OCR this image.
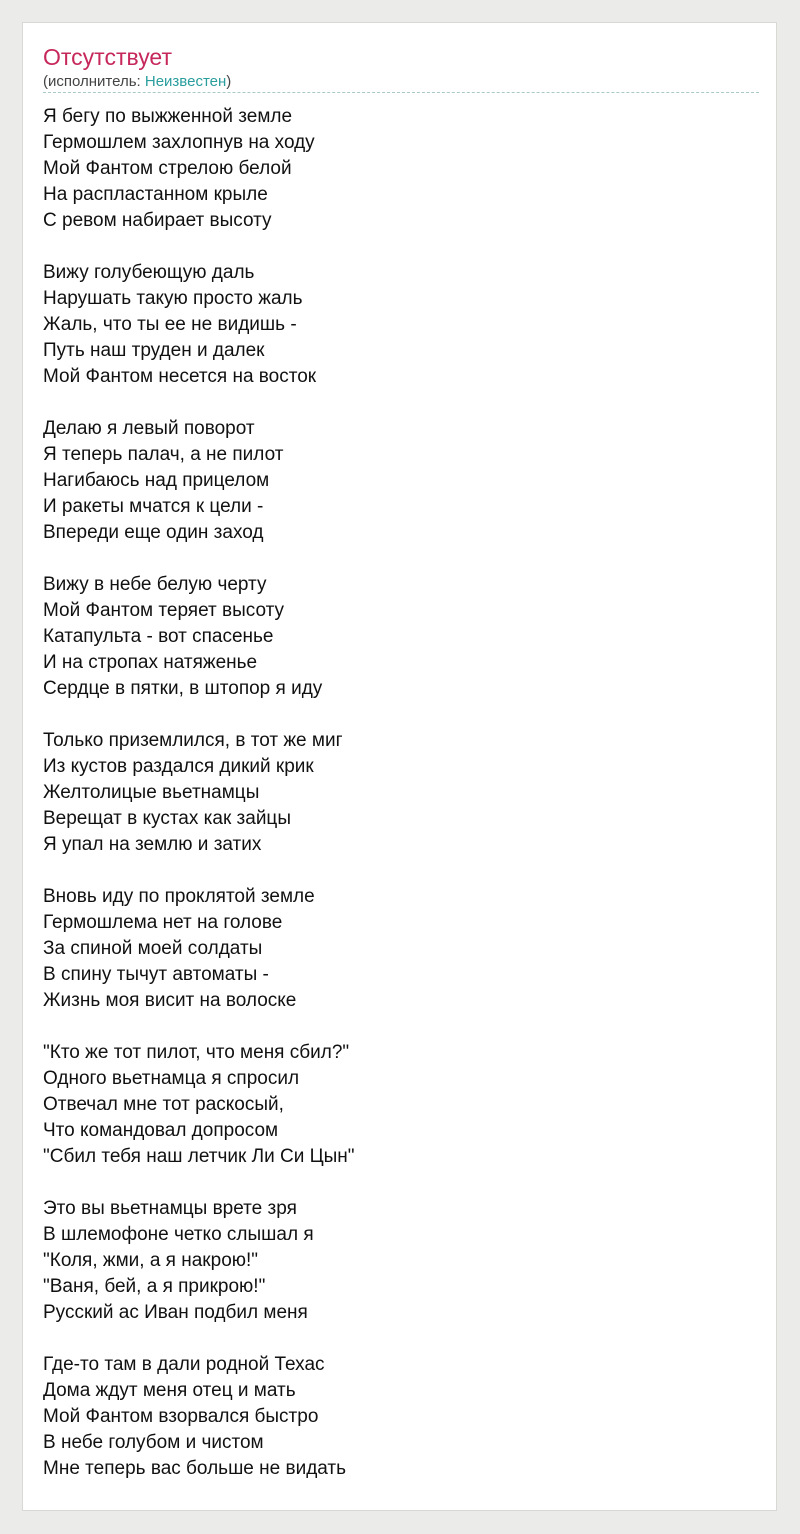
Отсутствует
(исполнитель: Неизвестен)
Я бегу по выжженной земле
Гермошлем захлопнув на ходу
Мой Фантом стрелою белой
На распластанном крыле
С ревом набирает высоту
Вижу голубеющую даль
Нарушать такую просто жаль
Жаль, что ты ее не видишь -
Путь наш труден и далек
Мой Фантом несется на восток
Делаю я левый поворот
Я теперь палач, а не пилот
Нагибаюсь над прицелом
И ракеты мчатся к цели -
Впереди еще один заход
Вижу в небе белую черту
Мой Фантом теряет высоту
Катапульта - вот спасенье
И на стропах натяженье
Сердце в пятки, в штопор я иду
Только приземлился, в тот же миг
Из кустов раздался дикий крик
Желтолицые вьетнамцы
Верещат в кустах как зайцы
Я упал на землю и затих
Вновь иду по проклятой земле
Гермошлема нет на голове
За спиной моей солдаты
В спину тычут автоматы -
Жизнь моя висит на волоске
"Кто же тот пилот, что меня сбил?"
Одного вьетнамца я спросил
Отвечал мне тот раскосый,
Что командовал допросом
"Сбил тебя наш летчик Ли Си Цын"
Это вы вьетнамцы врете зря
В шлемофоне четко слышал я
"Коля, жми, а я накрою!"
"Ваня, бей, а я прикрою!"
Русский ас Иван подбил меня
Где-то там в дали родной Техас
Дома ждут меня отец и мать
Мой Фантом взорвался быстро
В небе голубом и чистом
Мне теперь вас больше не видать
